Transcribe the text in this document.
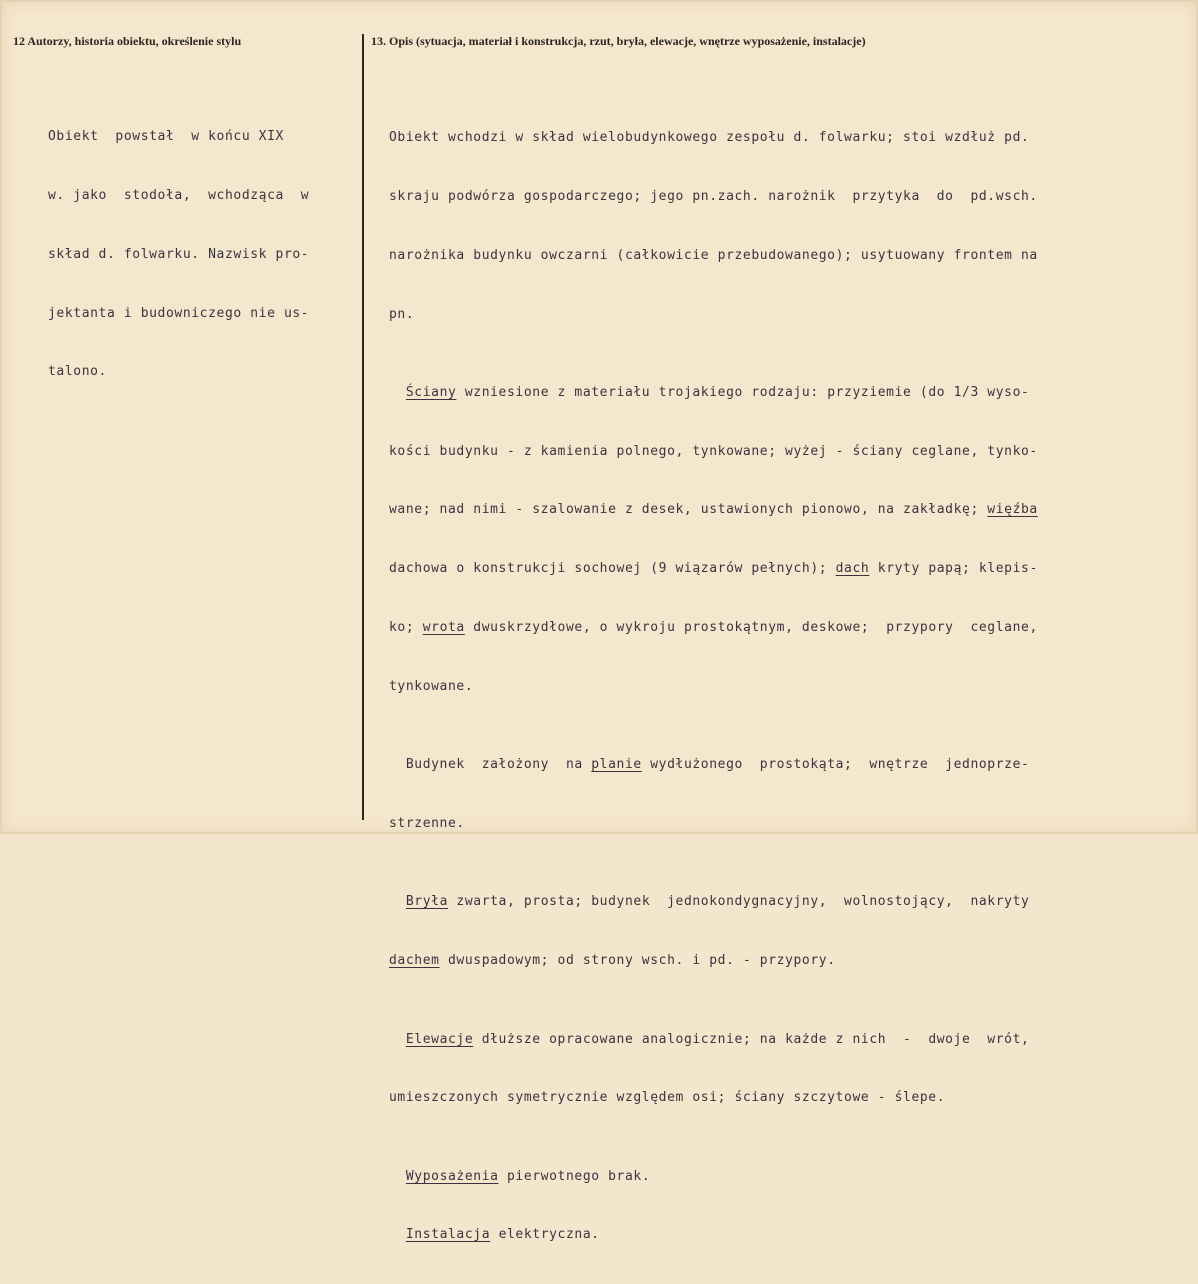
12 Autorzy, historia obiektu, określenie stylu	13. Opis (sytuacja, materiał i konstrukcja, rzut, bryła, elewacje, wnętrze wyposażenie, instalacje)

Obiekt  powstał  w końcu XIX

w. jako  stodoła,  wchodząca  w

skład d. folwarku. Nazwisk pro-

jektanta i budowniczego nie us-

talono.

Obiekt wchodzi w skład wielobudynkowego zespołu d. folwarku; stoi wzdłuż pd.

skraju podwórza gospodarczego; jego pn.zach. narożnik  przytyka  do  pd.wsch.

narożnika budynku owczarni (całkowicie przebudowanego); usytuowany frontem na

pn.

Ściany wzniesione z materiału trojakiego rodzaju: przyziemie (do 1/3 wyso-

kości budynku - z kamienia polnego, tynkowane; wyżej - ściany ceglane, tynko-

wane; nad nimi - szalowanie z desek, ustawionych pionowo, na zakładkę; więźba

dachowa o konstrukcji sochowej (9 wiązarów pełnych); dach kryty papą; klepis-

ko; wrota dwuskrzydłowe, o wykroju prostokątnym, deskowe;  przypory  ceglane,

tynkowane.

Budynek  założony  na planie wydłużonego  prostokąta;  wnętrze  jednoprze-

strzenne.

Bryła zwarta, prosta; budynek  jednokondygnacyjny,  wolnostojący,  nakryty

dachem dwuspadowym; od strony wsch. i pd. - przypory.

Elewacje dłuższe opracowane analogicznie; na każde z nich  -  dwoje  wrót,

umieszczonych symetrycznie względem osi; ściany szczytowe - ślepe.

Wyposażenia pierwotnego brak.

Instalacja elektryczna.
